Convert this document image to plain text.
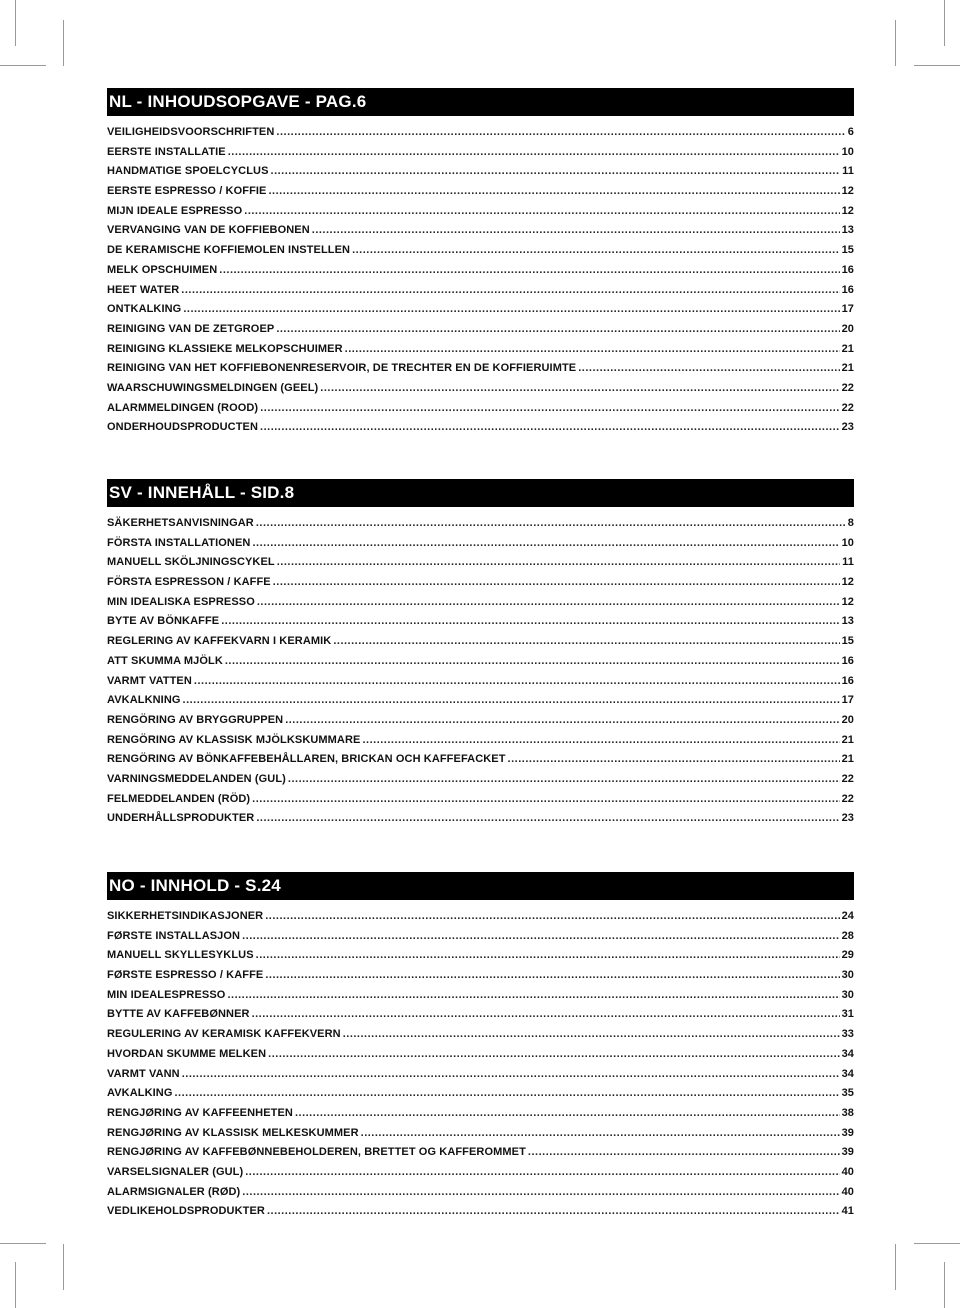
NL - INHOUDSOPGAVE - PAG.6
VEILIGHEIDSVOORSCHRIFTEN .....	6
EERSTE INSTALLATIE .....	10
HANDMATIGE SPOELCYCLUS .....	11
EERSTE ESPRESSO / KOFFIE .....	12
MIJN IDEALE ESPRESSO .....	12
VERVANGING VAN DE KOFFIEBONEN .....	13
DE KERAMISCHE KOFFIEMOLEN INSTELLEN .....	15
MELK OPSCHUIMEN .....	16
HEET WATER .....	16
ONTKALKING .....	17
REINIGING VAN DE ZETGROEP .....	20
REINIGING KLASSIEKE MELKOPSCHUIMER .....	21
REINIGING VAN HET KOFFIEBONENRESERVOIR, DE TRECHTER EN DE KOFFIERUIMTE .....	21
WAARSCHUWINGSMELDINGEN (GEEL) .....	22
ALARMMELDINGEN (ROOD) .....	22
ONDERHOUDSPRODUCTEN .....	23
SV - INNEHÅLL - SID.8
SÄKERHETSANVISNINGAR .....	8
FÖRSTA INSTALLATIONEN .....	10
MANUELL SKÖLJNINGSCYKEL .....	11
FÖRSTA ESPRESSON / KAFFE .....	12
MIN IDEALISKA ESPRESSO .....	12
BYTE AV BÖNKAFFE .....	13
REGLERING AV KAFFEKVARN I KERAMIK .....	15
ATT SKUMMA MJÖLK .....	16
VARMT VATTEN .....	16
AVKALKNING .....	17
RENGÖRING AV BRYGGRUPPEN .....	20
RENGÖRING AV KLASSISK MJÖLKSKUMMARE .....	21
RENGÖRING AV BÖNKAFFEBEHÅLLAREN, BRICKAN OCH KAFFEFACKET .....	21
VARNINGSMEDDELANDEN (GUL) .....	22
FELMEDDELANDEN (RÖD) .....	22
UNDERHÅLLSPRODUKTER .....	23
NO - INNHOLD - S.24
SIKKERHETSINDIKASJONER .....	24
FØRSTE INSTALLASJON .....	28
MANUELL SKYLLESYKLUS .....	29
FØRSTE ESPRESSO / KAFFE .....	30
MIN IDEALESPRESSO .....	30
BYTTE AV KAFFEBØNNER .....	31
REGULERING AV KERAMISK KAFFEKVERN .....	33
HVORDAN SKUMME MELKEN .....	34
VARMT VANN .....	34
AVKALKING .....	35
RENGJØRING AV KAFFEENHETEN .....	38
RENGJØRING AV KLASSISK MELKESKUMMER .....	39
RENGJØRING AV KAFFEBØNNEBEHOLDEREN, BRETTET OG KAFFEROMMET .....	39
VARSELSIGNALER (GUL) .....	40
ALARMSIGNALER (RØD) .....	40
VEDLIKEHOLDSPRODUKTER .....	41
